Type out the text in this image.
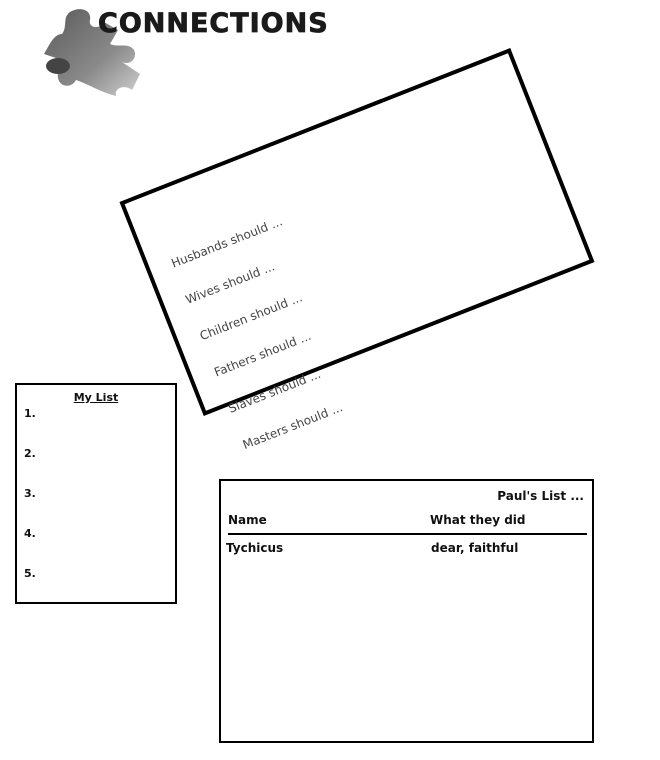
CONNECTIONS
Husbands should ...
Wives should ...
Children should ...
Fathers should ...
Slaves should ...
Masters should ...
My List
1.
2.
3.
4.
5.
Paul's List ...
Name	What they did
Tychicus	dear, faithful
